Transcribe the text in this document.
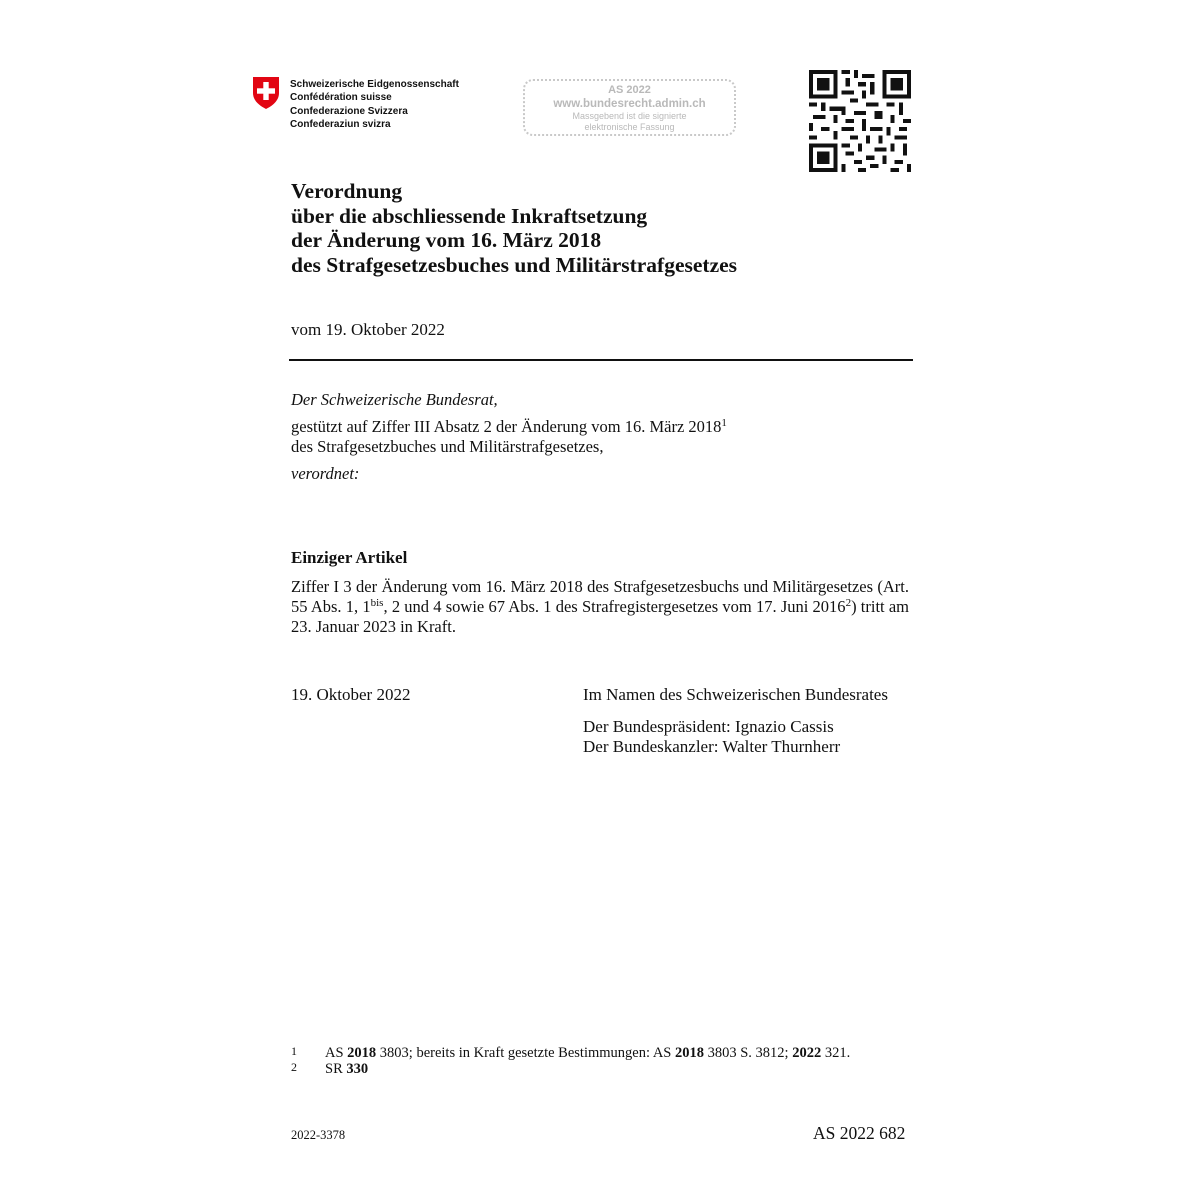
Schweizerische Eidgenossenschaft
Confédération suisse
Confederazione Svizzera
Confederaziun svizra
AS 2022
www.bundesrecht.admin.ch
Massgebend ist die signierte
elektronische Fassung
Verordnung
über die abschliessende Inkraftsetzung
der Änderung vom 16. März 2018
des Strafgesetzesbuches und Militärstrafgesetzes
vom 19. Oktober 2022
Der Schweizerische Bundesrat,
gestützt auf Ziffer III Absatz 2 der Änderung vom 16. März 2018$^1$
des Strafgesetzbuches und Militärstrafgesetzes,
verordnet:
Einziger Artikel
Ziffer I 3 der Änderung vom 16. März 2018 des Strafgesetzesbuchs und Militärgesetzes (Art. 55 Abs. 1, 1$^{bis}$, 2 und 4 sowie 67 Abs. 1 des Strafregistergesetzes vom 17. Juni 2016$^2$) tritt am 23. Januar 2023 in Kraft.
19. Oktober 2022	Im Namen des Schweizerischen Bundesrates
Der Bundespräsident: Ignazio Cassis
Der Bundeskanzler: Walter Thurnherr
1 AS 2018 3803; bereits in Kraft gesetzte Bestimmungen: AS 2018 3803 S. 3812; 2022 321.
2 SR 330
2022-3378	AS 2022 682
